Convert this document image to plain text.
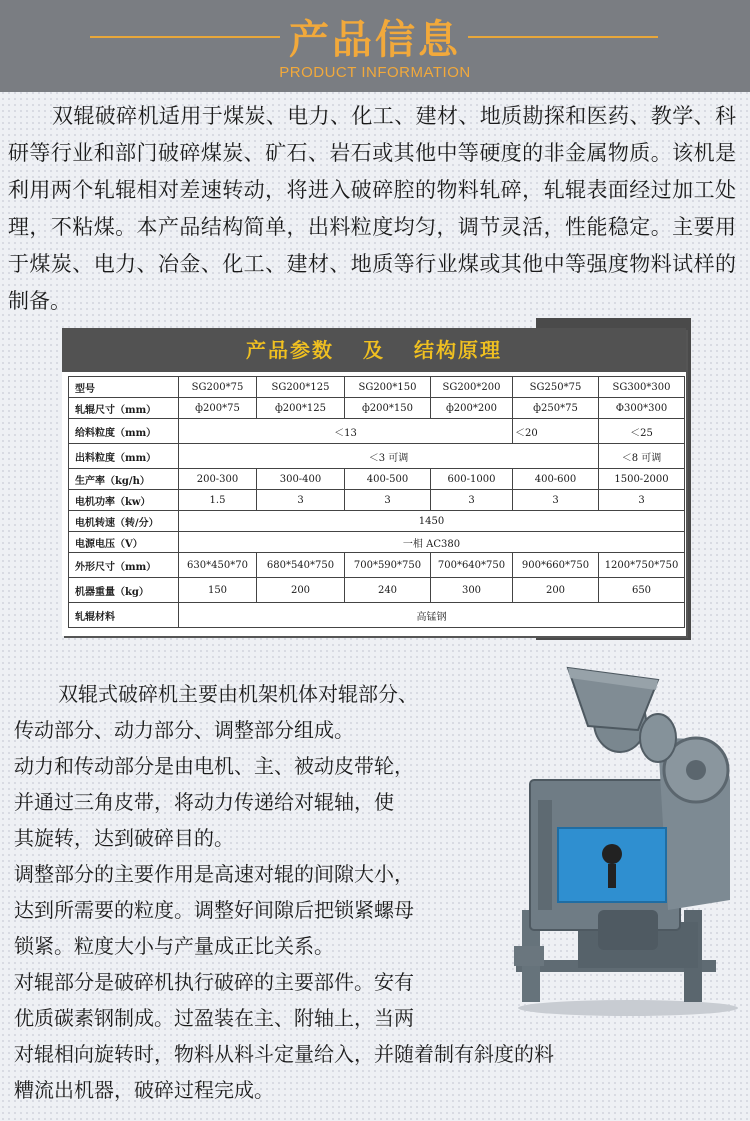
产品信息
PRODUCT INFORMATION
双辊破碎机适用于煤炭、电力、化工、建材、地质勘探和医药、教学、科研等行业和部门破碎煤炭、矿石、岩石或其他中等硬度的非金属物质。该机是利用两个轧辊相对差速转动，将进入破碎腔的物料轧碎，轧辊表面经过加工处理，不粘煤。本产品结构简单，出料粒度均匀，调节灵活，性能稳定。主要用于煤炭、电力、冶金、化工、建材、地质等行业煤或其他中等强度物料试样的制备。
产品参数 及 结构原理
型号	SG200*75	SG200*125	SG200*150	SG200*200	SG250*75	SG300*300
轧辊尺寸（mm）	ф200*75	ф200*125	ф200*150	ф200*200	ф250*75	Ф300*300
给料粒度（mm）	＜13				＜20	＜25
出料粒度（mm）	＜3 可调					＜8 可调
生产率（kg/h）	200-300	300-400	400-500	600-1000	400-600	1500-2000
电机功率（kw）	1.5	3	3	3	3	3
电机转速（转/分）	1450					
电源电压（V）	一相 AC380					
外形尺寸（mm）	630*450*70	680*540*750	700*590*750	700*640*750	900*660*750	1200*750*750
机器重量（kg）	150	200	240	300	200	650
轧辊材料	高锰钢					

双辊式破碎机主要由机架机体对辊部分、

传动部分、动力部分、调整部分组成。

动力和传动部分是由电机、主、被动皮带轮，

并通过三角皮带，将动力传递给对辊轴，使

其旋转，达到破碎目的。

调整部分的主要作用是高速对辊的间隙大小，

达到所需要的粒度。调整好间隙后把锁紧螺母

锁紧。粒度大小与产量成正比关系。

对辊部分是破碎机执行破碎的主要部件。安有

优质碳素钢制成。过盈装在主、附轴上，当两

对辊相向旋转时，物料从料斗定量给入，并随着制有斜度的料

糟流出机器，破碎过程完成。
